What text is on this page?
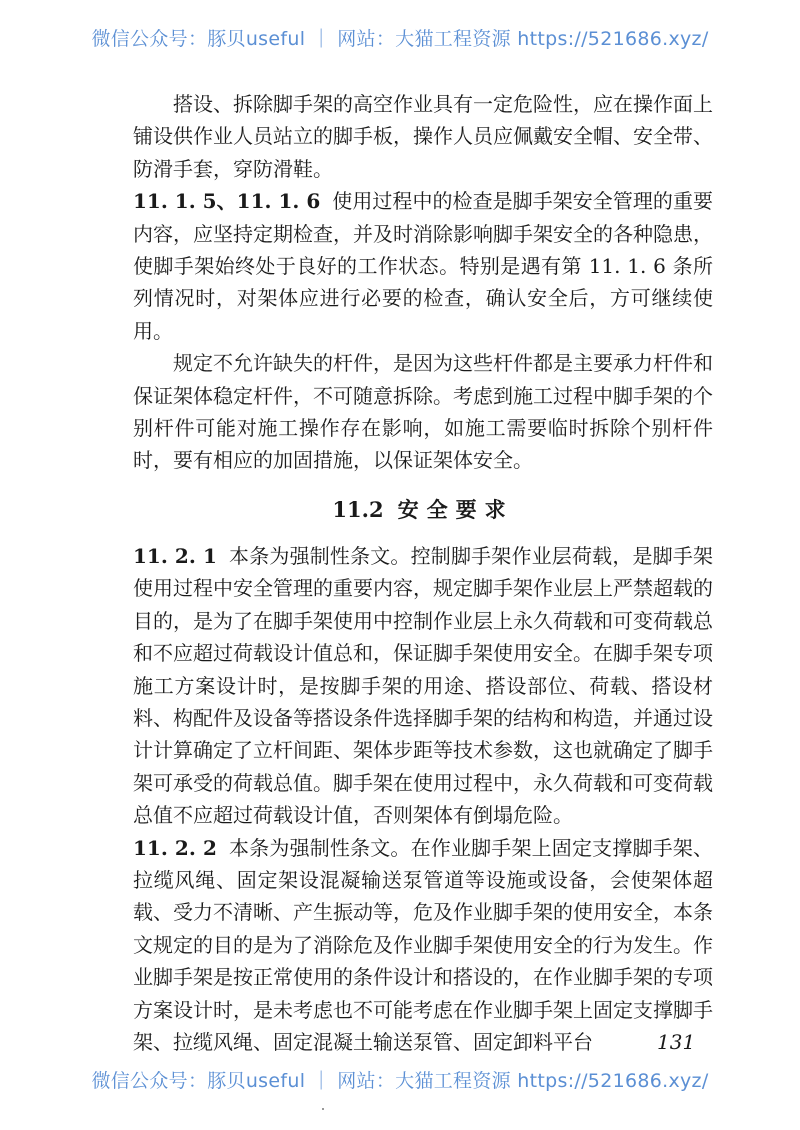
微信公众号：豚贝useful ｜ 网站：大猫工程资源 https://521686.xyz/

搭设、拆除脚手架的高空作业具有一定危险性，应在操作面上铺设供作业人员站立的脚手板，操作人员应佩戴安全帽、安全带、防滑手套，穿防滑鞋。

11. 1. 5、11. 1. 6 使用过程中的检查是脚手架安全管理的重要内容，应坚持定期检查，并及时消除影响脚手架安全的各种隐患，使脚手架始终处于良好的工作状态。特别是遇有第 11. 1. 6 条所列情况时，对架体应进行必要的检查，确认安全后，方可继续使用。

规定不允许缺失的杆件，是因为这些杆件都是主要承力杆件和保证架体稳定杆件，不可随意拆除。考虑到施工过程中脚手架的个别杆件可能对施工操作存在影响，如施工需要临时拆除个别杆件时，要有相应的加固措施，以保证架体安全。

11.2 安全要求

11. 2. 1 本条为强制性条文。控制脚手架作业层荷载，是脚手架使用过程中安全管理的重要内容，规定脚手架作业层上严禁超载的目的，是为了在脚手架使用中控制作业层上永久荷载和可变荷载总和不应超过荷载设计值总和，保证脚手架使用安全。在脚手架专项施工方案设计时，是按脚手架的用途、搭设部位、荷载、搭设材料、构配件及设备等搭设条件选择脚手架的结构和构造，并通过设计计算确定了立杆间距、架体步距等技术参数，这也就确定了脚手架可承受的荷载总值。脚手架在使用过程中，永久荷载和可变荷载总值不应超过荷载设计值，否则架体有倒塌危险。

11. 2. 2 本条为强制性条文。在作业脚手架上固定支撑脚手架、拉缆风绳、固定架设混凝输送泵管道等设施或设备，会使架体超载、受力不清晰、产生振动等，危及作业脚手架的使用安全，本条文规定的目的是为了消除危及作业脚手架使用安全的行为发生。作业脚手架是按正常使用的条件设计和搭设的，在作业脚手架的专项方案设计时，是未考虑也不可能考虑在作业脚手架上固定支撑脚手架、拉缆风绳、固定混凝土输送泵管、固定卸料平台	131
微信公众号：豚贝useful ｜ 网站：大猫工程资源 https://521686.xyz/
